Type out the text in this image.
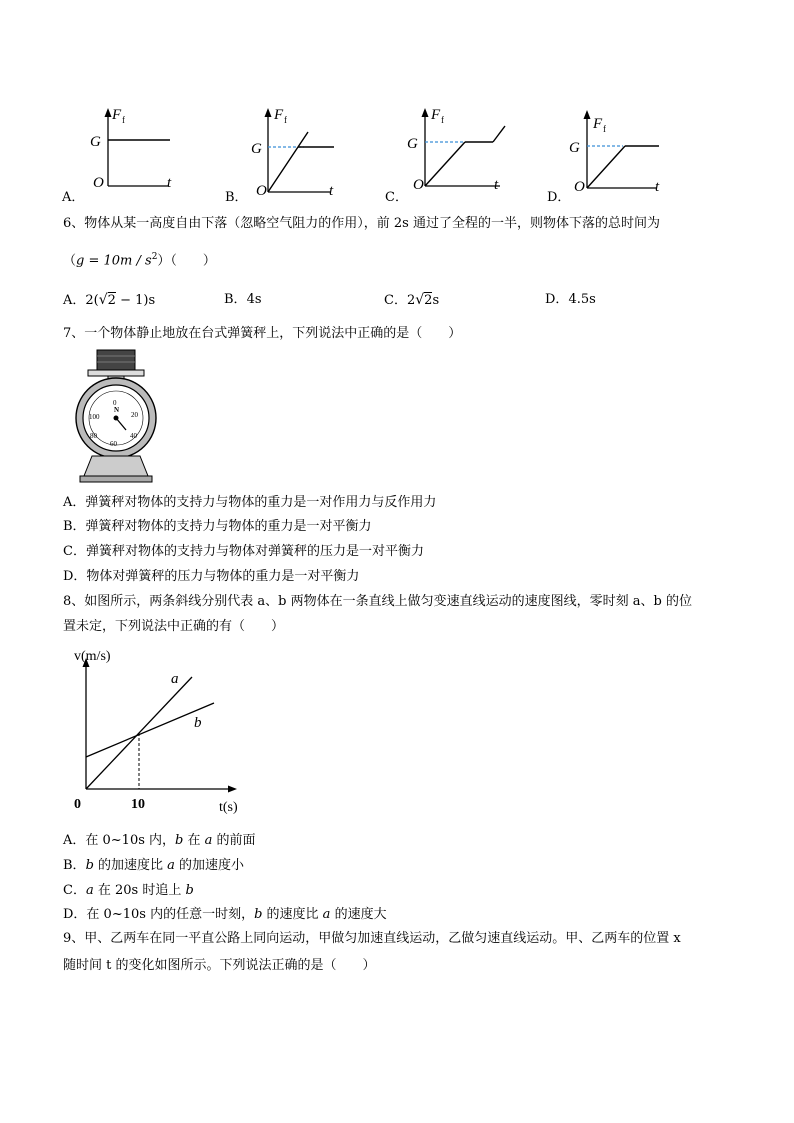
A．
F f
G
O	t
B．
F f
G
O	t	C．
F f
G
O	t
D．
F f
G
O	t
6、物体从某一高度自由下落（忽略空气阻力的作用），前 2s 通过了全程的一半，则物体下落的总时间为
$(g = 10m / s^2)$（　　）
A．2(√2 − 1)s	B．4s	C．2√2s	D．4.5s
7、一个物体静止地放在台式弹簧秤上，下列说法中正确的是（　　）
0
N
20
40
60
80
100
A．弹簧秤对物体的支持力与物体的重力是一对作用力与反作用力
B．弹簧秤对物体的支持力与物体的重力是一对平衡力
C．弹簧秤对物体的支持力与物体对弹簧秤的压力是一对平衡力
D．物体对弹簧秤的压力与物体的重力是一对平衡力
8、如图所示，两条斜线分别代表 a、b 两物体在一条直线上做匀变速直线运动的速度图线，零时刻 a、b 的位
置未定，下列说法中正确的有（　　）
v(m/s)
t(s)
0	10
a
b
A．在 0~10s 内，b 在 a 的前面
B．b 的加速度比 a 的加速度小
C．a 在 20s 时追上 b
D．在 0~10s 内的任意一时刻，b 的速度比 a 的速度大
9、甲、乙两车在同一平直公路上同向运动，甲做匀加速直线运动，乙做匀速直线运动。甲、乙两车的位置 x
随时间 t 的变化如图所示。下列说法正确的是（　　）
